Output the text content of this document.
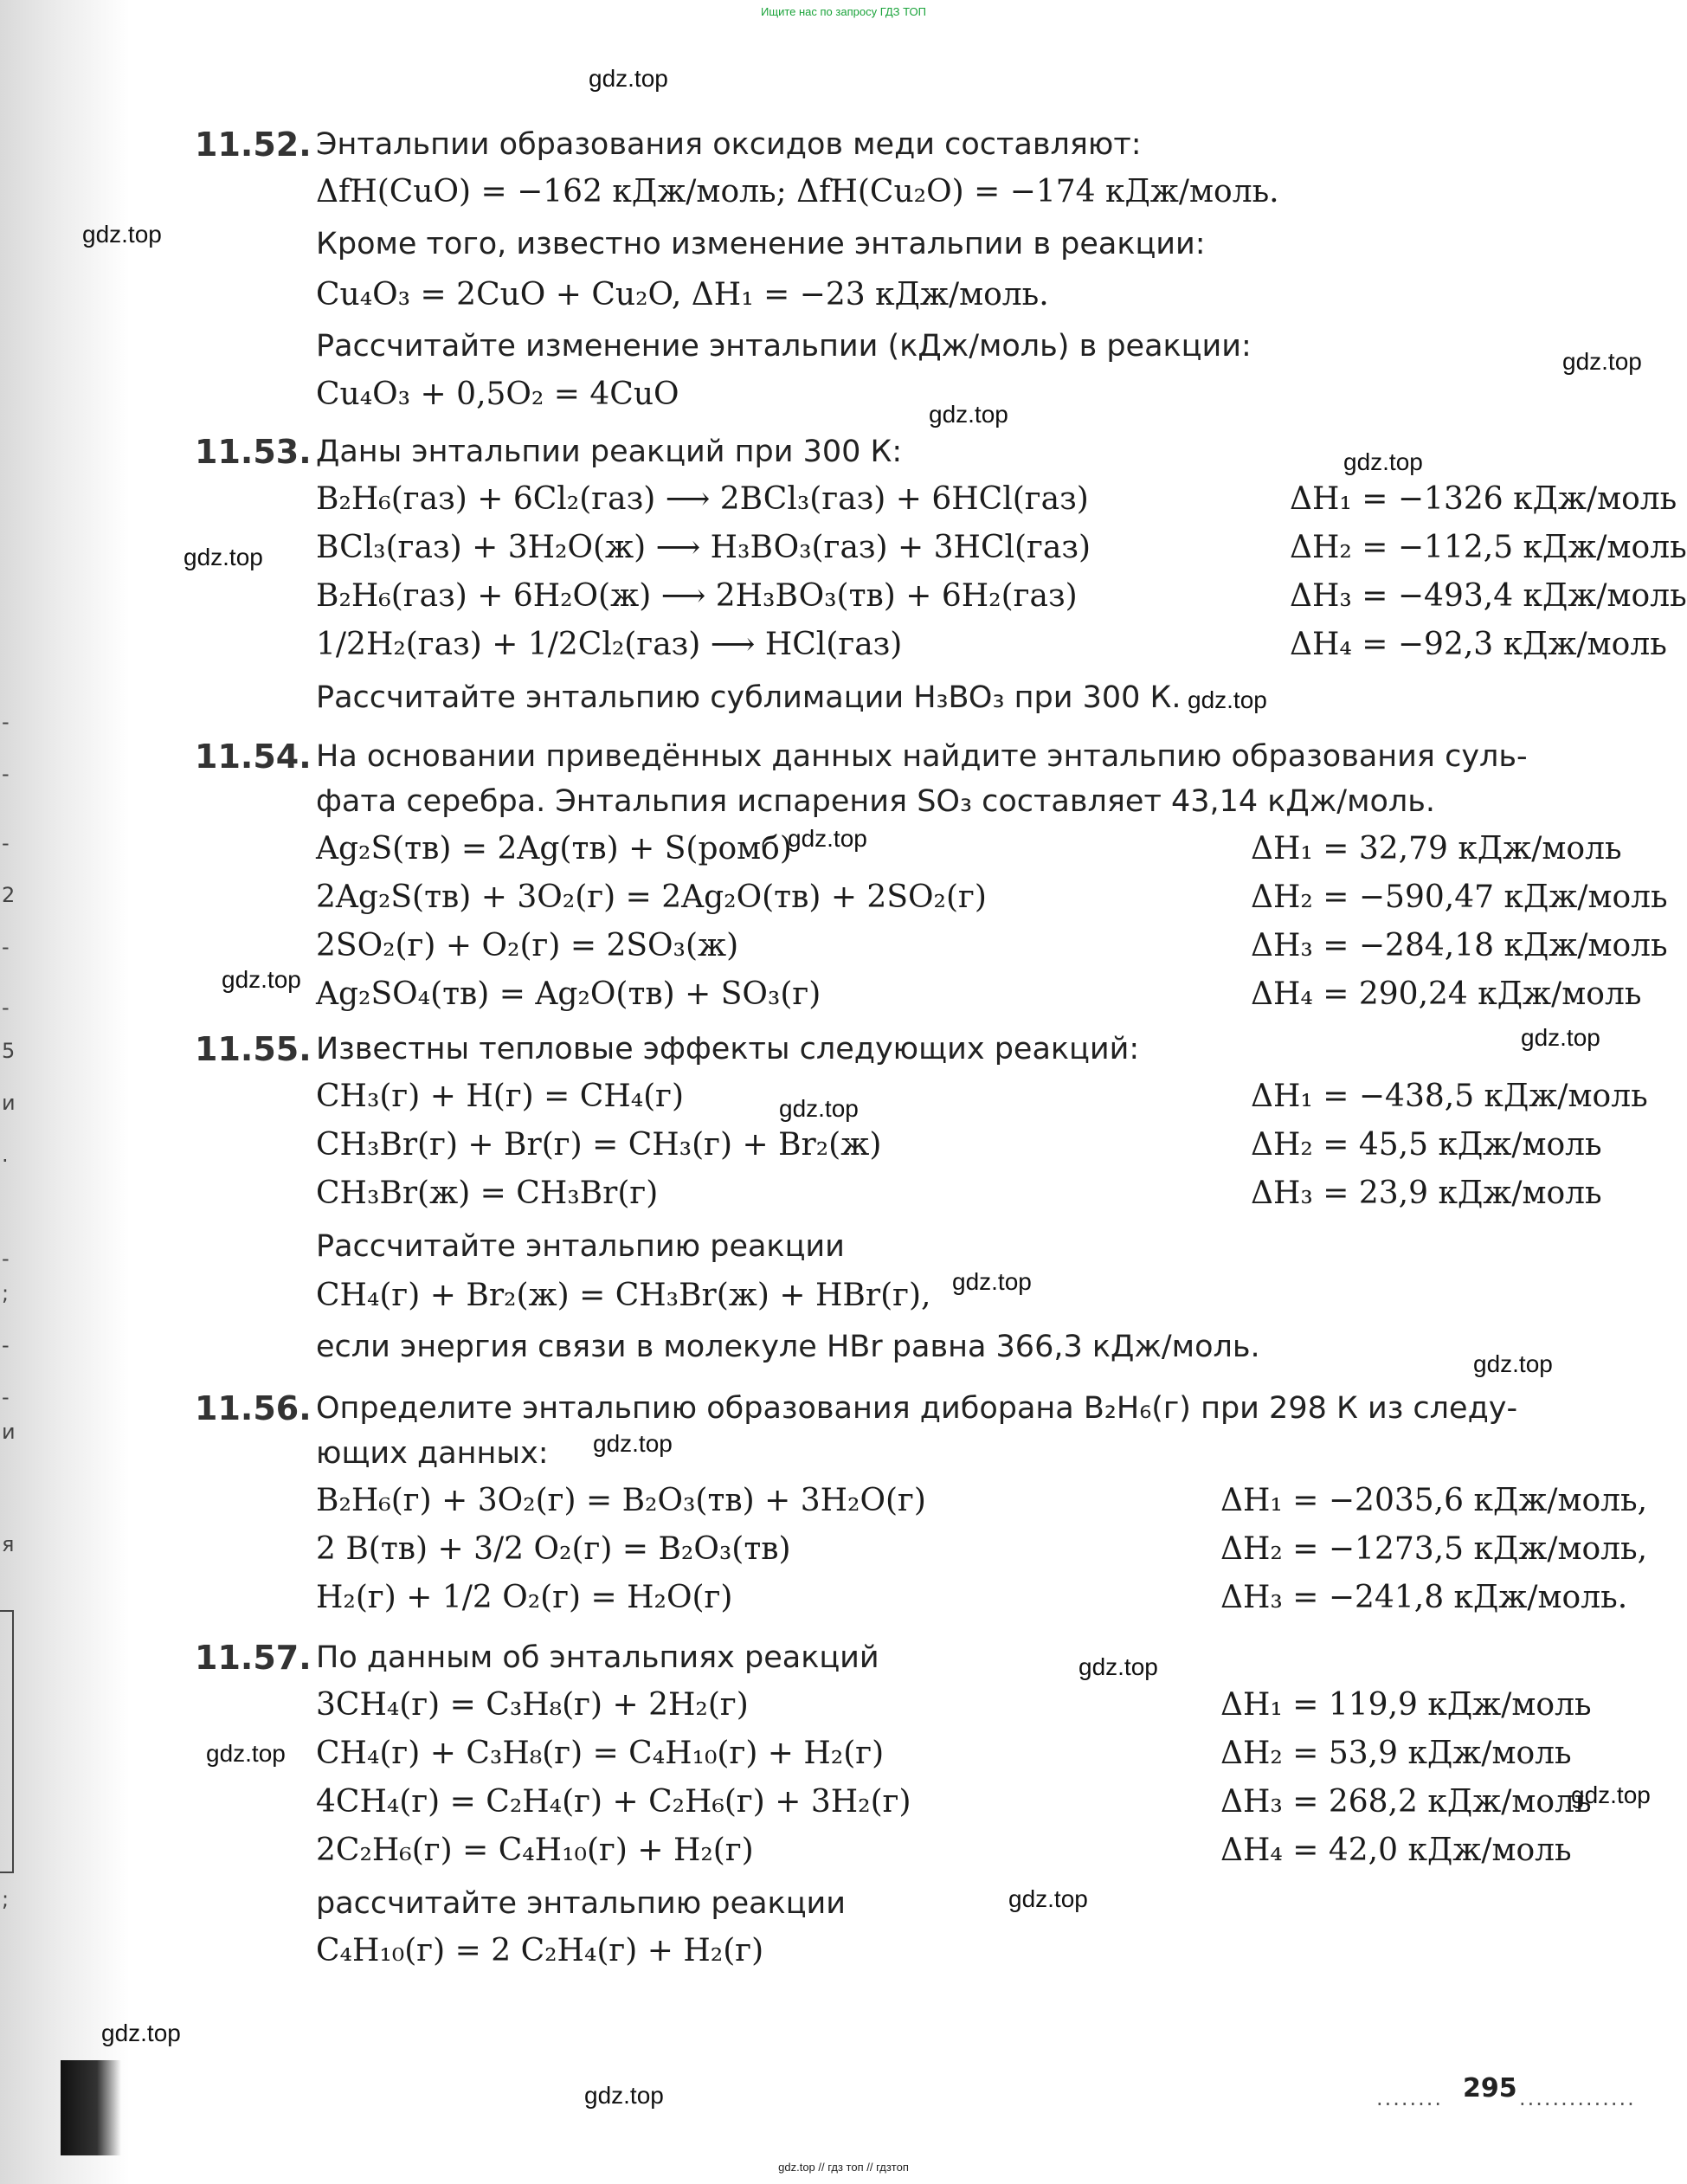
-
-
-
2
-
-
5
и
.
-
;
-
-
и
я
;
Ищите нас по запросу ГДЗ ТОП
gdz.top
gdz.top
gdz.top
gdz.top
gdz.top
gdz.top
gdz.top
gdz.top
gdz.top
gdz.top
gdz.top
gdz.top
gdz.top
gdz.top
gdz.top
gdz.top
gdz.top
gdz.top
gdz.top
gdz.top
11.52. Энтальпии образования оксидов меди составляют:
ΔfH(CuO) = −162 кДж/моль; ΔfH(Cu₂O) = −174 кДж/моль.
Кроме того, известно изменение энтальпии в реакции:
Cu₄O₃ = 2CuO + Cu₂O, ΔH₁ = −23 кДж/моль.
Рассчитайте изменение энтальпии (кДж/моль) в реакции:
Cu₄O₃ + 0,5O₂ = 4CuO
11.53. Даны энтальпии реакций при 300 К:
B₂H₆(газ) + 6Cl₂(газ) ⟶ 2BCl₃(газ) + 6HCl(газ)	ΔH₁ = −1326 кДж/моль
BCl₃(газ) + 3H₂O(ж) ⟶ H₃BO₃(газ) + 3HCl(газ)	ΔH₂ = −112,5 кДж/моль
B₂H₆(газ) + 6H₂O(ж) ⟶ 2H₃BO₃(тв) + 6H₂(газ)	ΔH₃ = −493,4 кДж/моль
1/2H₂(газ) + 1/2Cl₂(газ) ⟶ HCl(газ)	ΔH₄ = −92,3 кДж/моль
Рассчитайте энтальпию сублимации H₃BO₃ при 300 К.
11.54. На основании приведённых данных найдите энтальпию образования суль-
фата серебра. Энтальпия испарения SO₃ составляет 43,14 кДж/моль.
Ag₂S(тв) = 2Ag(тв) + S(ромб)	ΔH₁ = 32,79 кДж/моль
2Ag₂S(тв) + 3O₂(г) = 2Ag₂O(тв) + 2SO₂(г)	ΔH₂ = −590,47 кДж/моль
2SO₂(г) + O₂(г) = 2SO₃(ж)	ΔH₃ = −284,18 кДж/моль
Ag₂SO₄(тв) = Ag₂O(тв) + SO₃(г)	ΔH₄ = 290,24 кДж/моль
11.55. Известны тепловые эффекты следующих реакций:
CH₃(г) + H(г) = CH₄(г)	ΔH₁ = −438,5 кДж/моль
CH₃Br(г) + Br(г) = CH₃(г) + Br₂(ж)	ΔH₂ = 45,5 кДж/моль
CH₃Br(ж) = CH₃Br(г)	ΔH₃ = 23,9 кДж/моль
Рассчитайте энтальпию реакции
CH₄(г) + Br₂(ж) = CH₃Br(ж) + HBr(г),
если энергия связи в молекуле HBr равна 366,3 кДж/моль.
11.56. Определите энтальпию образования диборана B₂H₆(г) при 298 К из следу-
ющих данных:
B₂H₆(г) + 3O₂(г) = B₂O₃(тв) + 3H₂O(г)	ΔH₁ = −2035,6 кДж/моль,
2 B(тв) + 3/2 O₂(г) = B₂O₃(тв)	ΔH₂ = −1273,5 кДж/моль,
H₂(г) + 1/2 O₂(г) = H₂O(г)	ΔH₃ = −241,8 кДж/моль.
11.57. По данным об энтальпиях реакций
3CH₄(г) = C₃H₈(г) + 2H₂(г)	ΔH₁ = 119,9 кДж/моль
CH₄(г) + C₃H₈(г) = C₄H₁₀(г) + H₂(г)	ΔH₂ = 53,9 кДж/моль
4CH₄(г) = C₂H₄(г) + C₂H₆(г) + 3H₂(г)	ΔH₃ = 268,2 кДж/моль
2C₂H₆(г) = C₄H₁₀(г) + H₂(г)	ΔH₄ = 42,0 кДж/моль
рассчитайте энтальпию реакции
C₄H₁₀(г) = 2 C₂H₄(г) + H₂(г)
........ 295 ..............
gdz.top // гдз топ // гдзтоп
